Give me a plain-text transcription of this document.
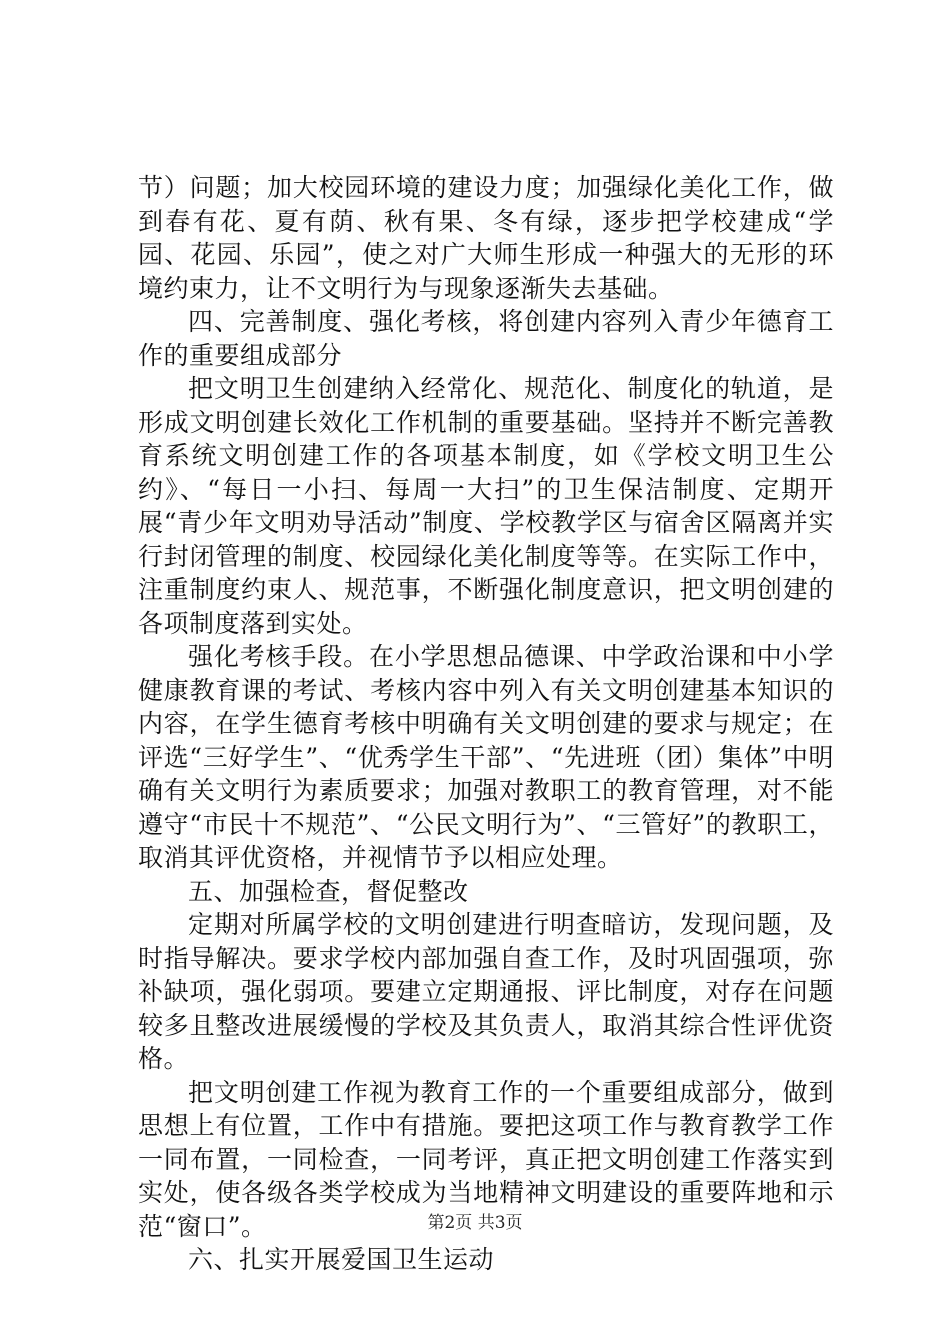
节）问题；加大校园环境的建设力度；加强绿化美化工作，做到春有花、夏有荫、秋有果、冬有绿，逐步把学校建成“学园、花园、乐园”，使之对广大师生形成一种强大的无形的环境约束力，让不文明行为与现象逐渐失去基础。

四、完善制度、强化考核，将创建内容列入青少年德育工作的重要组成部分

把文明卫生创建纳入经常化、规范化、制度化的轨道，是形成文明创建长效化工作机制的重要基础。坚持并不断完善教育系统文明创建工作的各项基本制度，如《学校文明卫生公约》、“每日一小扫、每周一大扫”的卫生保洁制度、定期开展“青少年文明劝导活动”制度、学校教学区与宿舍区隔离并实行封闭管理的制度、校园绿化美化制度等等。在实际工作中，注重制度约束人、规范事，不断强化制度意识，把文明创建的各项制度落到实处。

强化考核手段。在小学思想品德课、中学政治课和中小学健康教育课的考试、考核内容中列入有关文明创建基本知识的内容，在学生德育考核中明确有关文明创建的要求与规定；在评选“三好学生”、“优秀学生干部”、“先进班（团）集体”中明确有关文明行为素质要求；加强对教职工的教育管理，对不能遵守“市民十不规范”、“公民文明行为”、“三管好”的教职工，取消其评优资格，并视情节予以相应处理。

五、加强检查，督促整改

定期对所属学校的文明创建进行明查暗访，发现问题，及时指导解决。要求学校内部加强自查工作，及时巩固强项，弥补缺项，强化弱项。要建立定期通报、评比制度，对存在问题较多且整改进展缓慢的学校及其负责人，取消其综合性评优资格。

把文明创建工作视为教育工作的一个重要组成部分，做到思想上有位置，工作中有措施。要把这项工作与教育教学工作一同布置，一同检查，一同考评，真正把文明创建工作落实到实处，使各级各类学校成为当地精神文明建设的重要阵地和示范“窗口”。

六、扎实开展爱国卫生运动

第2页 共3页
